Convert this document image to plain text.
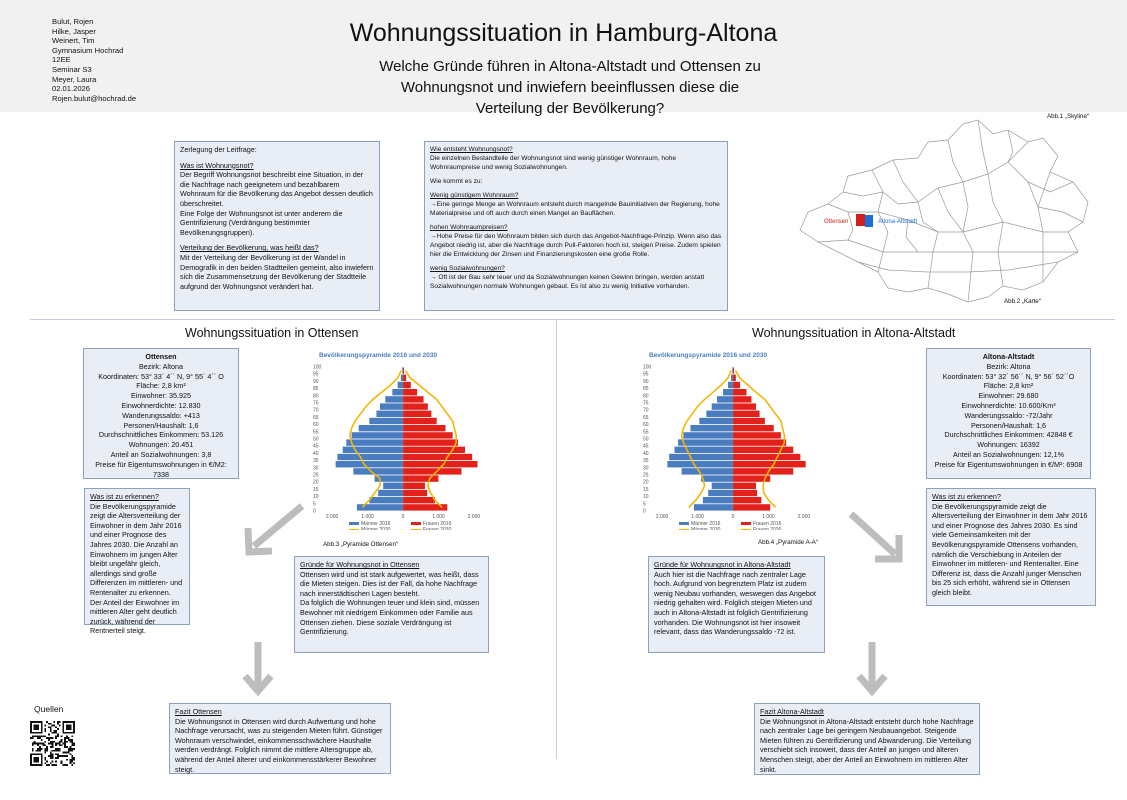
Bulut, Rojen
Hilke, Jasper
Weinert, Tim
Gymnasium Hochrad
12EE
Seminar S3
Meyer, Laura
02.01.2026
Rojen.bulut@hochrad.de
Wohnungssituation in Hamburg-Altona
Welche Gründe führen in Altona-Altstadt und Ottensen zu
Wohnungsnot und inwiefern beeinflussen diese die
Verteilung der Bevölkerung?

Zerlegung der Leitfrage:

Was ist Wohnungsnot?

Der Begriff Wohnungsnot beschreibt eine Situation, in der die Nachfrage nach geeignetem und bezahlbarem Wohnraum für die Bevölkerung das Angebot dessen deutlich überschreitet.

Eine Folge der Wohnungsnot ist unter anderem die Gentrifizierung (Verdrängung bestimmter Bevölkerungsgruppen).

Verteilung der Bevölkerung, was heißt das?

Mit der Verteilung der Bevölkerung ist der Wandel in Demografik in den beiden Stadtteilen gemeint, also inwiefern sich die Zusammensetzung der Bevölkerung der Stadtteile aufgrund der Wohnungsnot verändert hat.

Wie entsteht Wohnungsnot?

Die einzelnen Bestandteile der Wohnungsnot sind wenig günstiger Wohnraum, hohe Wohnraumpreise und wenig Sozialwohnungen.

Wie kommt es zu:

Wenig günstigem Wohnraum?

→Eine geringe Menge an Wohnraum entsteht durch mangelnde Bauinitiativen der Regierung, hohe Materialpreise und oft auch durch einen Mangel an Bauflächen.

hohen Wohnraumpreisen?

→Hohe Preise für den Wohnraum bilden sich durch das Angebot-Nachfrage-Prinzip. Wenn also das Angebot niedrig ist, aber die Nachfrage durch Pull-Faktoren hoch ist, steigen Preise. Zudem spielen hier die Entwicklung der Zinsen und Finanzierungskosten eine große Rolle.

wenig Sozialwohnungen?

→ Oft ist der Bau sehr teuer und da Sozialwohnungen keinen Gewinn bringen, werden anstatt Sozialwohnungen normale Wohnungen gebaut. Es ist also zu wenig Initiative vorhanden.

Ottensen	Altona-Altstadt
Abb.1 „Skyline“
Abb.2 „Karte“
Wohnungssituation in Ottensen	Wohnungssituation in Altona-Altstadt
Ottensen
Bezirk: Altona
Koordinaten: 53° 33´ 4´´ N, 9° 55´ 4´´ O
Fläche: 2,8 km²
Einwohner: 35.925
Einwohnerdichte: 12.830
Wanderungssaldo: +413
Personen/Haushalt: 1,6
Durchschnittliches Einkommen: 53.126
Wohnungen: 20.451
Anteil an Sozialwohnungen: 3,8
Preise für Eigentumswohnungen in €/M2: 7338
Bevölkerungspyramide 2016 und 2030
100
95
90
85
80
75
70
65
60
55
50
45
40
35
30
25
20
15
10
5
0
2.000	1.000	0	1.000	2.000
Männer 2016	Frauen 2016
Männer 2030	Frauen 2030
Abb.3 „Pyramide Ottensen“

Was ist zu erkennen?

Die Bevölkerungspyramide zeigt die Altersverteilung der Einwohner in dem Jahr 2016 und einer Prognose des Jahres 2030. Die Anzahl an Einwohnern im jungen Alter bleibt ungefähr gleich, allerdings sind große Differenzen im mittleren- und Rentenalter zu erkennen. Der Anteil der Einwohner im mittleren Alter geht deutlich zurück, während der Rentnerteil steigt.

Gründe für Wohnungsnot in Ottensen

Ottensen wird und ist stark aufgewertet, was heißt, dass die Mieten steigen. Dies ist der Fall, da hohe Nachfrage nach innerstädtischen Lagen besteht.

Da folglich die Wohnungen teuer und klein sind, müssen Bewohner mit niedrigem Einkommen oder Familie aus Ottensen ziehen. Diese soziale Verdrängung ist Gentrifizierung.

Fazit Ottensen

Die Wohnungsnot in Ottensen wird durch Aufwertung und hohe Nachfrage verursacht, was zu steigenden Mieten führt. Günstiger Wohnraum verschwindet, einkommensschwächere Haushalte werden verdrängt. Folglich nimmt die mittlere Altersgruppe ab, während der Anteil älterer und einkommensstärkerer Bewohner steigt.

Altona-Altstadt
Bezirk: Altona
Koordinaten: 53° 32´ 56´´ N, 9° 56´ 52´´O
Fläche: 2,8 km²
Einwohner: 29.680
Einwohnerdichte: 10.600/Km³
Wanderungssaldo: -72/Jahr
Personen/Haushalt: 1,6
Durchschnittliches Einkommen: 42848 €
Wohnungen: 16392
Anteil an Sozialwohnungen: 12,1%
Preise für Eigentumswohnungen in €/M²: 6908
Bevölkerungspyramide 2016 und 2030
100
95
90
85
80
75
70
65
60
55
50
45
40
35
30
25
20
15
10
5
0
2.000	1.000	0	1.000	2.000
Männer 2016	Frauen 2016
Männer 2030	Frauen 2030
Abb.4 „Pyramide A-A“

Was ist zu erkennen?

Die Bevölkerungspyramide zeigt die Altersverteilung der Einwohner in dem Jahr 2016 und einer Prognose des Jahres 2030. Es sind viele Gemeinsamkeiten mit der Bevölkerungspyramide Ottensens vorhanden, nämlich die Verschiebung in Anteilen der Einwohner im mittleren- und Rentenalter. Eine Differenz ist, dass die Anzahl junger Menschen bis 25 sich erhöht, während sie in Ottensen gleich bleibt.

Gründe für Wohnungsnot in Altona-Altstadt

Auch hier ist die Nachfrage nach zentraler Lage hoch. Aufgrund von begrenztem Platz ist zudem wenig Neubau vorhanden, weswegen das Angebot niedrig gehalten wird. Folglich steigen Mieten und auch in Altona-Altstadt ist folglich Gentrifizierung vorhanden. Die Wohnungsnot ist hier insoweit relevant, dass das Wanderungssaldo -72 ist.

Fazit Altona-Altstadt

Die Wohnungsnot in Altona-Altstadt entsteht durch hohe Nachfrage nach zentraler Lage bei geringem Neubauangebot. Steigende Mieten führen zu Gentrifizierung und Abwanderung. Die Verteilung verschiebt sich insoweit, dass der Anteil an jungen und älteren Menschen steigt, aber der Anteil an Einwohnern im mittleren Alter sinkt.

Quellen
